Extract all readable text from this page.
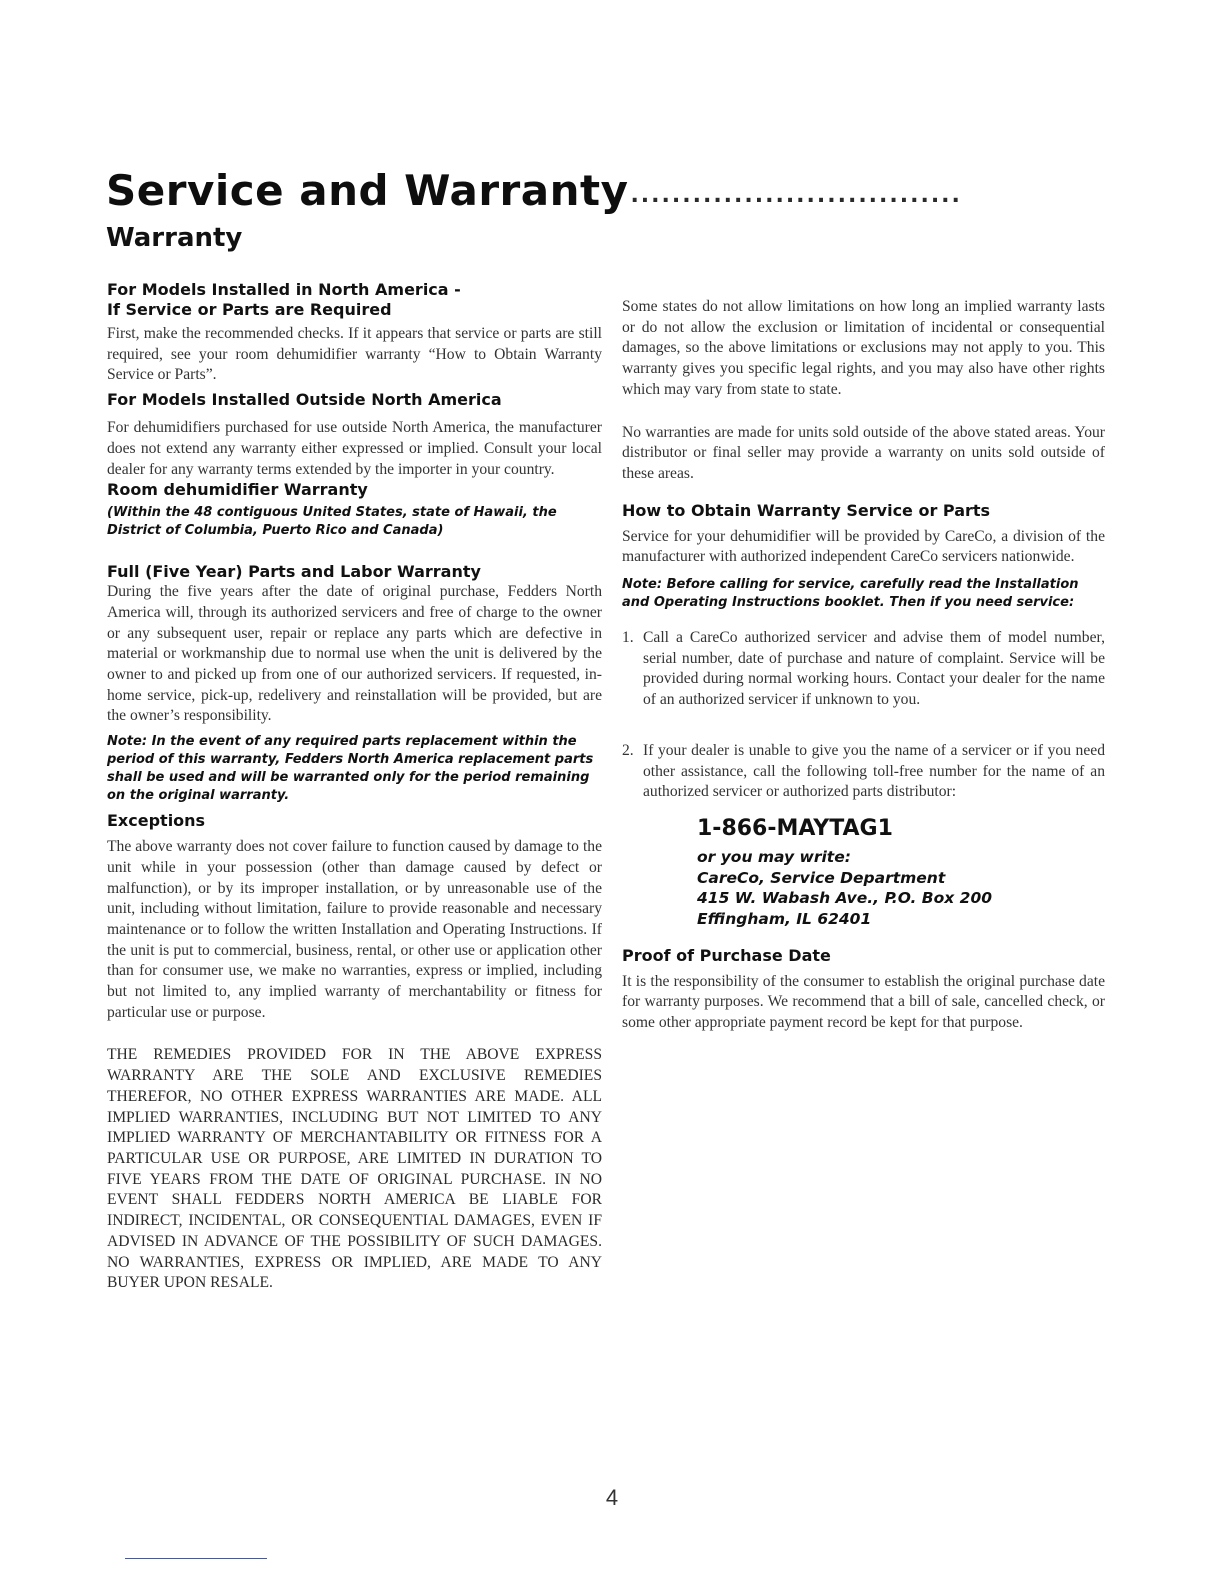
Service and Warranty................................
Warranty

For Models Installed in North America -

If Service or Parts are Required

First, make the recommended checks. If it appears that service or parts are still required, see your room dehumidifier warranty “How to Obtain Warranty Service or Parts”.

For Models Installed Outside North America

For dehumidifiers purchased for use outside North America, the manufacturer does not extend any warranty either expressed or implied. Consult your local dealer for any warranty terms extended by the importer in your country.

Room dehumidifier Warranty

(Within the 48 contiguous United States, state of Hawaii, the District of Columbia, Puerto Rico and Canada)

Full (Five Year) Parts and Labor Warranty

During the five years after the date of original purchase, Fedders North America will, through its authorized servicers and free of charge to the owner or any subsequent user, repair or replace any parts which are defective in material or workmanship due to normal use when the unit is delivered by the owner to and picked up from one of our authorized servicers. If requested, in-home service, pick-up, redelivery and reinstallation will be provided, but are the owner’s responsibility.

Note: In the event of any required parts replacement within the period of this warranty, Fedders North America replacement parts shall be used and will be warranted only for the period remaining on the original warranty.

Exceptions

The above warranty does not cover failure to function caused by damage to the unit while in your possession (other than damage caused by defect or malfunction), or by its improper installation, or by unreasonable use of the unit, including without limitation, failure to provide reasonable and necessary maintenance or to follow the written Installation and Operating Instructions. If the unit is put to commercial, business, rental, or other use or application other than for consumer use, we make no warranties, express or implied, including but not limited to, any implied warranty of merchantability or fitness for particular use or purpose.

THE REMEDIES PROVIDED FOR IN THE ABOVE EXPRESS WARRANTY ARE THE SOLE AND EXCLUSIVE REMEDIES THEREFOR, NO OTHER EXPRESS WARRANTIES ARE MADE. ALL IMPLIED WARRANTIES, INCLUDING BUT NOT LIMITED TO ANY IMPLIED WARRANTY OF MERCHANTABILITY OR FITNESS FOR A PARTICULAR USE OR PURPOSE, ARE LIMITED IN DURATION TO FIVE YEARS FROM THE DATE OF ORIGINAL PURCHASE. IN NO EVENT SHALL FEDDERS NORTH AMERICA BE LIABLE FOR INDIRECT, INCIDENTAL, OR CONSEQUENTIAL DAMAGES, EVEN IF ADVISED IN ADVANCE OF THE POSSIBILITY OF SUCH DAMAGES. NO WARRANTIES, EXPRESS OR IMPLIED, ARE MADE TO ANY BUYER UPON RESALE.

Some states do not allow limitations on how long an implied warranty lasts or do not allow the exclusion or limitation of incidental or consequential damages, so the above limitations or exclusions may not apply to you. This warranty gives you specific legal rights, and you may also have other rights which may vary from state to state.

No warranties are made for units sold outside of the above stated areas. Your distributor or final seller may provide a warranty on units sold outside of these areas.

How to Obtain Warranty Service or Parts

Service for your dehumidifier will be provided by CareCo, a division of the manufacturer with authorized independent CareCo servicers nationwide.

Note: Before calling for service, carefully read the Installation and Operating Instructions booklet. Then if you need service:

1. Call a CareCo authorized servicer and advise them of model number, serial number, date of purchase and nature of complaint. Service will be provided during normal working hours. Contact your dealer for the name of an authorized servicer if unknown to you.

2. If your dealer is unable to give you the name of a servicer or if you need other assistance, call the following toll-free number for the name of an authorized servicer or authorized parts distributor:

1-866-MAYTAG1

or you may write:

CareCo, Service Department

415 W. Wabash Ave., P.O. Box 200

Effingham, IL 62401

Proof of Purchase Date

It is the responsibility of the consumer to establish the original purchase date for warranty purposes. We recommend that a bill of sale, cancelled check, or some other appropriate payment record be kept for that purpose.

4
